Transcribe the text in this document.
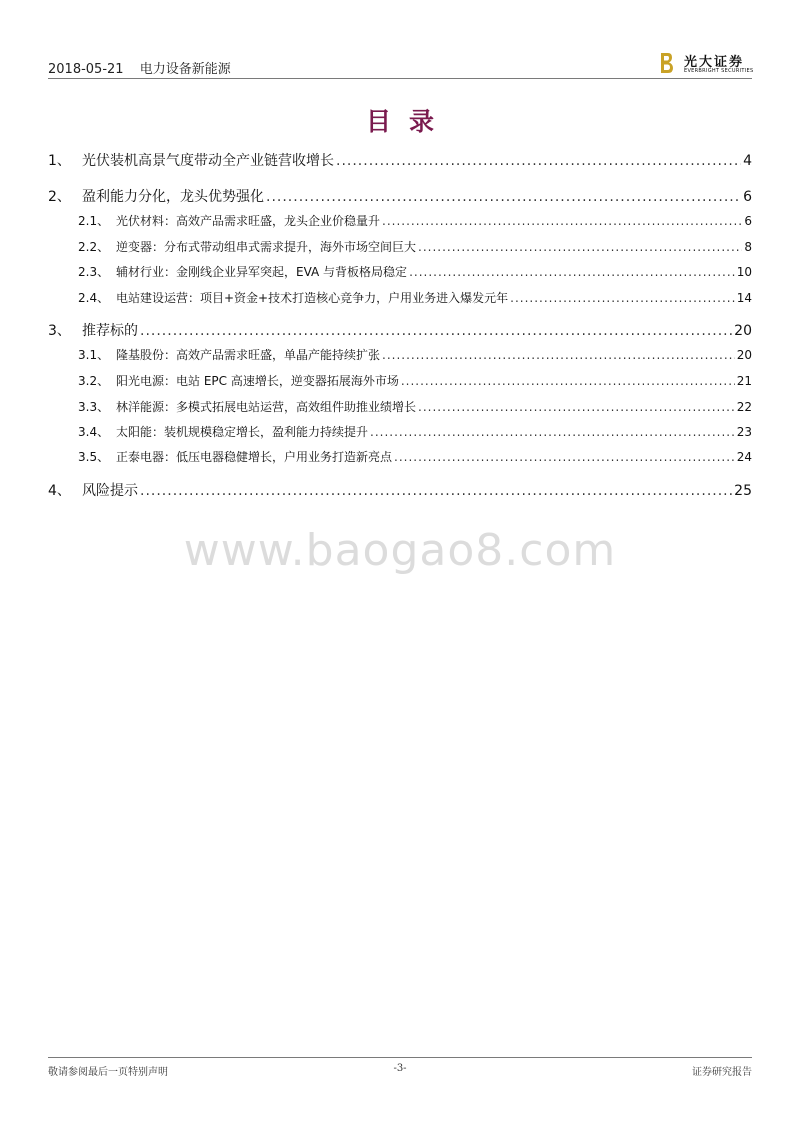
2018-05-21 电力设备新能源	光大证券
EVERBRIGHT SECURITIES
目录
1、 光伏装机高景气度带动全产业链营收增长 .....	4
2、 盈利能力分化，龙头优势强化 .....	6
2.1、 光伏材料：高效产品需求旺盛，龙头企业价稳量升 .....	6
2.2、 逆变器：分布式带动组串式需求提升，海外市场空间巨大 .....	8
2.3、 辅材行业：金刚线企业异军突起，EVA 与背板格局稳定 .....	10
2.4、 电站建设运营：项目+资金+技术打造核心竞争力，户用业务进入爆发元年 .....	14
3、 推荐标的 .....	20
3.1、 隆基股份：高效产品需求旺盛，单晶产能持续扩张 .....	20
3.2、 阳光电源：电站 EPC 高速增长，逆变器拓展海外市场 .....	21
3.3、 林洋能源：多模式拓展电站运营，高效组件助推业绩增长 .....	22
3.4、 太阳能：装机规模稳定增长，盈利能力持续提升 .....	23
3.5、 正泰电器：低压电器稳健增长，户用业务打造新亮点 .....	24
4、 风险提示 .....	25
www.baogao8.com
敬请参阅最后一页特别声明	-3-	证券研究报告
